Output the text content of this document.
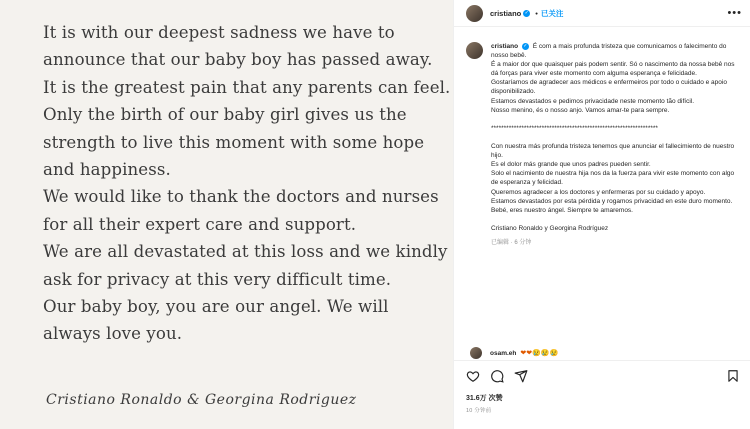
It is with our deepest sadness we have to
announce that our baby boy has passed away.
It is the greatest pain that any parents can feel.
Only the birth of our baby girl gives us the
strength to live this moment with some hope
and happiness.
We would like to thank the doctors and nurses
for all their expert care and support.
We are all devastated at this loss and we kindly
ask for privacy at this very difficult time.
Our baby boy, you are our angel. We will
always love you.
Cristiano Ronaldo & Georgina Rodriguez
cristiano ✓ • 已关注	•••

cristiano ✓ É com a mais profunda tristeza que comunicamos o falecimento do nosso bebê.

É a maior dor que quaisquer pais podem sentir. Só o nascimento da nossa bebê nos dá forças para viver este momento com alguma esperança e felicidade.

Gostaríamos de agradecer aos médicos e enfermeiros por todo o cuidado e apoio disponibilizado.

Estamos devastados e pedimos privacidade neste momento tão difícil.

Nosso menino, és o nosso anjo. Vamos amar-te para sempre.

******************************************************************

Con nuestra más profunda tristeza tenemos que anunciar el fallecimiento de nuestro hijo.

Es el dolor más grande que unos padres pueden sentir.

Solo el nacimiento de nuestra hija nos da la fuerza para vivir este momento con algo de esperanza y felicidad.

Queremos agradecer a los doctores y enfermeras por su cuidado y apoyo.

Estamos devastados por esta pérdida y rogamos privacidad en este duro momento.

Bebé, eres nuestro ángel. Siempre te amaremos.

Cristiano Ronaldo y Georgina Rodríguez

已编辑 · 6 分钟
osam.eh ❤❤😢😢😢
31.6万 次赞
10 分钟前
